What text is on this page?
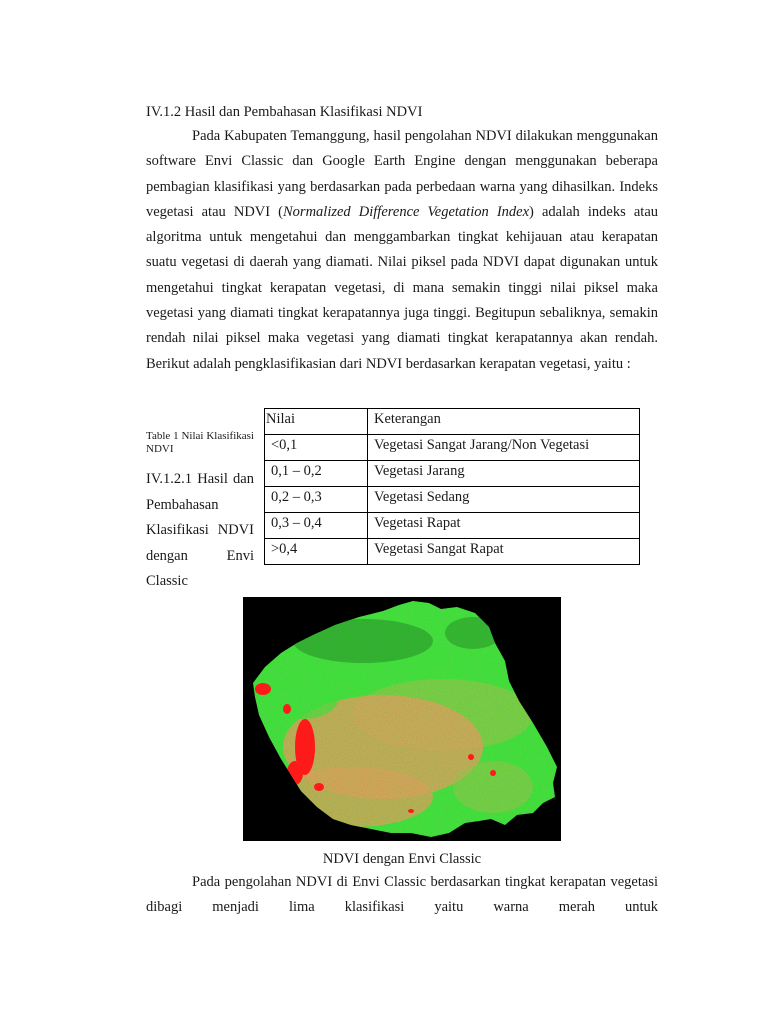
IV.1.2 Hasil dan Pembahasan Klasifikasi NDVI

Pada Kabupaten Temanggung, hasil pengolahan NDVI dilakukan menggunakan software Envi Classic dan Google Earth Engine dengan menggunakan beberapa pembagian klasifikasi yang berdasarkan pada perbedaan warna yang dihasilkan. Indeks vegetasi atau NDVI (Normalized Difference Vegetation Index) adalah indeks atau algoritma untuk mengetahui dan menggambarkan tingkat kehijauan atau kerapatan suatu vegetasi di daerah yang diamati. Nilai piksel pada NDVI dapat digunakan untuk mengetahui tingkat kerapatan vegetasi, di mana semakin tinggi nilai piksel maka vegetasi yang diamati tingkat kerapatannya juga tinggi. Begitupun sebaliknya, semakin rendah nilai piksel maka vegetasi yang diamati tingkat kerapatannya akan rendah. Berikut adalah pengklasifikasian dari NDVI berdasarkan kerapatan vegetasi, yaitu :

Table 1 Nilai Klasifikasi NDVI
IV.1.2.1 Hasil dan Pembahasan Klasifikasi NDVI dengan Envi Classic
Nilai	Keterangan
<0,1	Vegetasi Sangat Jarang/Non Vegetasi
0,1 – 0,2	Vegetasi Jarang
0,2 – 0,3	Vegetasi Sedang
0,3 – 0,4	Vegetasi Rapat
>0,4	Vegetasi Sangat Rapat
NDVI dengan Envi Classic

Pada pengolahan NDVI di Envi Classic berdasarkan tingkat kerapatan vegetasi dibagi menjadi lima klasifikasi yaitu warna merah untuk
